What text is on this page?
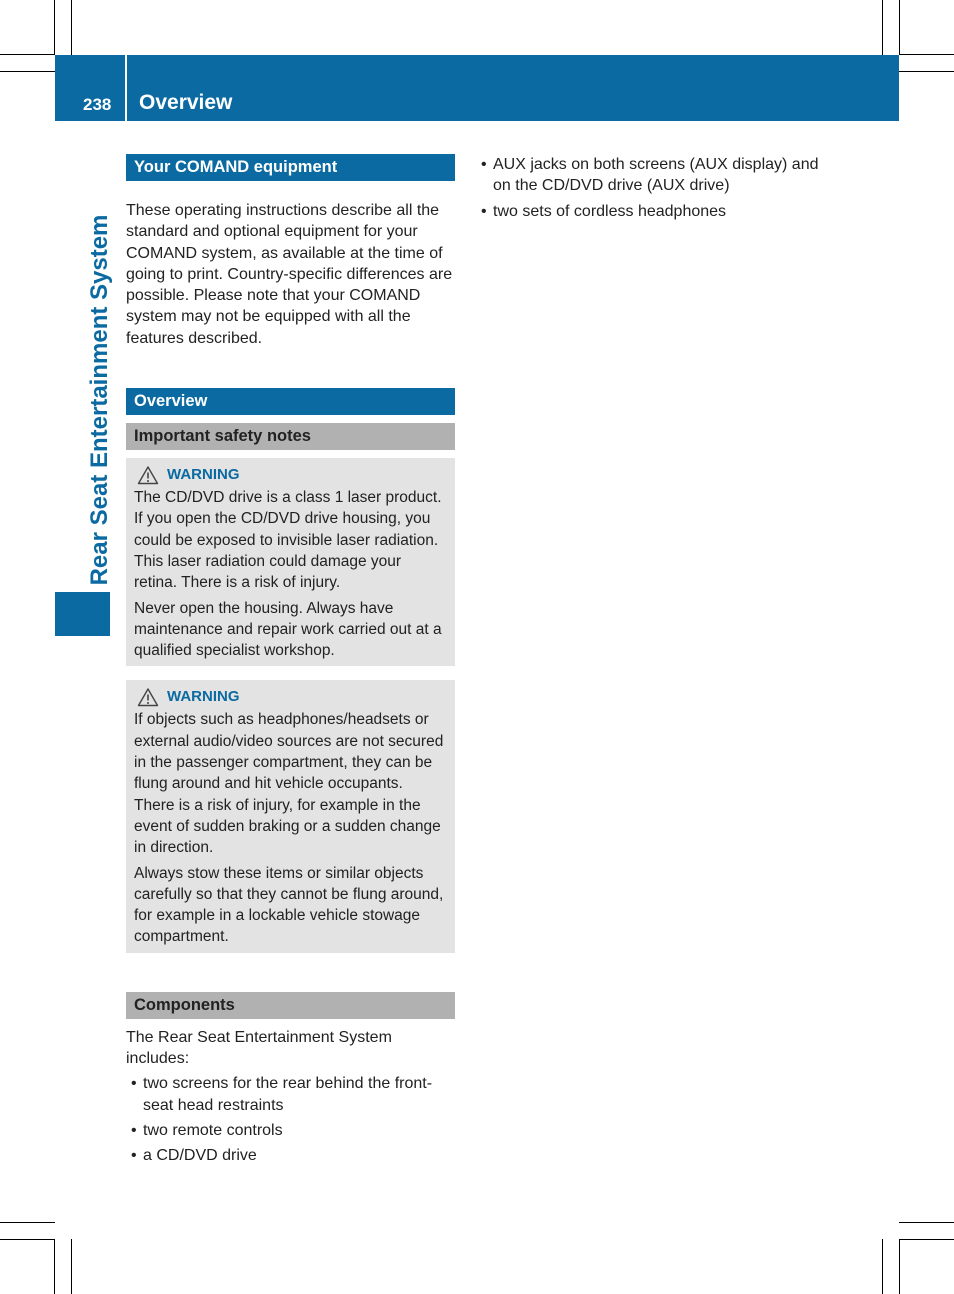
238 Overview
Rear Seat Entertainment System
Your COMAND equipment

These operating instructions describe all the standard and optional equipment for your COMAND system, as available at the time of going to print. Country-specific differences are possible. Please note that your COMAND system may not be equipped with all the features described.

Overview
Important safety notes
WARNING

The CD/DVD drive is a class 1 laser product. If you open the CD/DVD drive housing, you could be exposed to invisible laser radiation. This laser radiation could damage your retina. There is a risk of injury.

Never open the housing. Always have maintenance and repair work carried out at a qualified specialist workshop.

WARNING

If objects such as headphones/headsets or external audio/video sources are not secured in the passenger compartment, they can be flung around and hit vehicle occupants. There is a risk of injury, for example in the event of sudden braking or a sudden change in direction.

Always stow these items or similar objects carefully so that they cannot be flung around, for example in a lockable vehicle stowage compartment.

Components

The Rear Seat Entertainment System includes:

• two screens for the rear behind the front-seat head restraints
• two remote controls
• a CD/DVD drive
• AUX jacks on both screens (AUX display) and on the CD/DVD drive (AUX drive)
• two sets of cordless headphones
